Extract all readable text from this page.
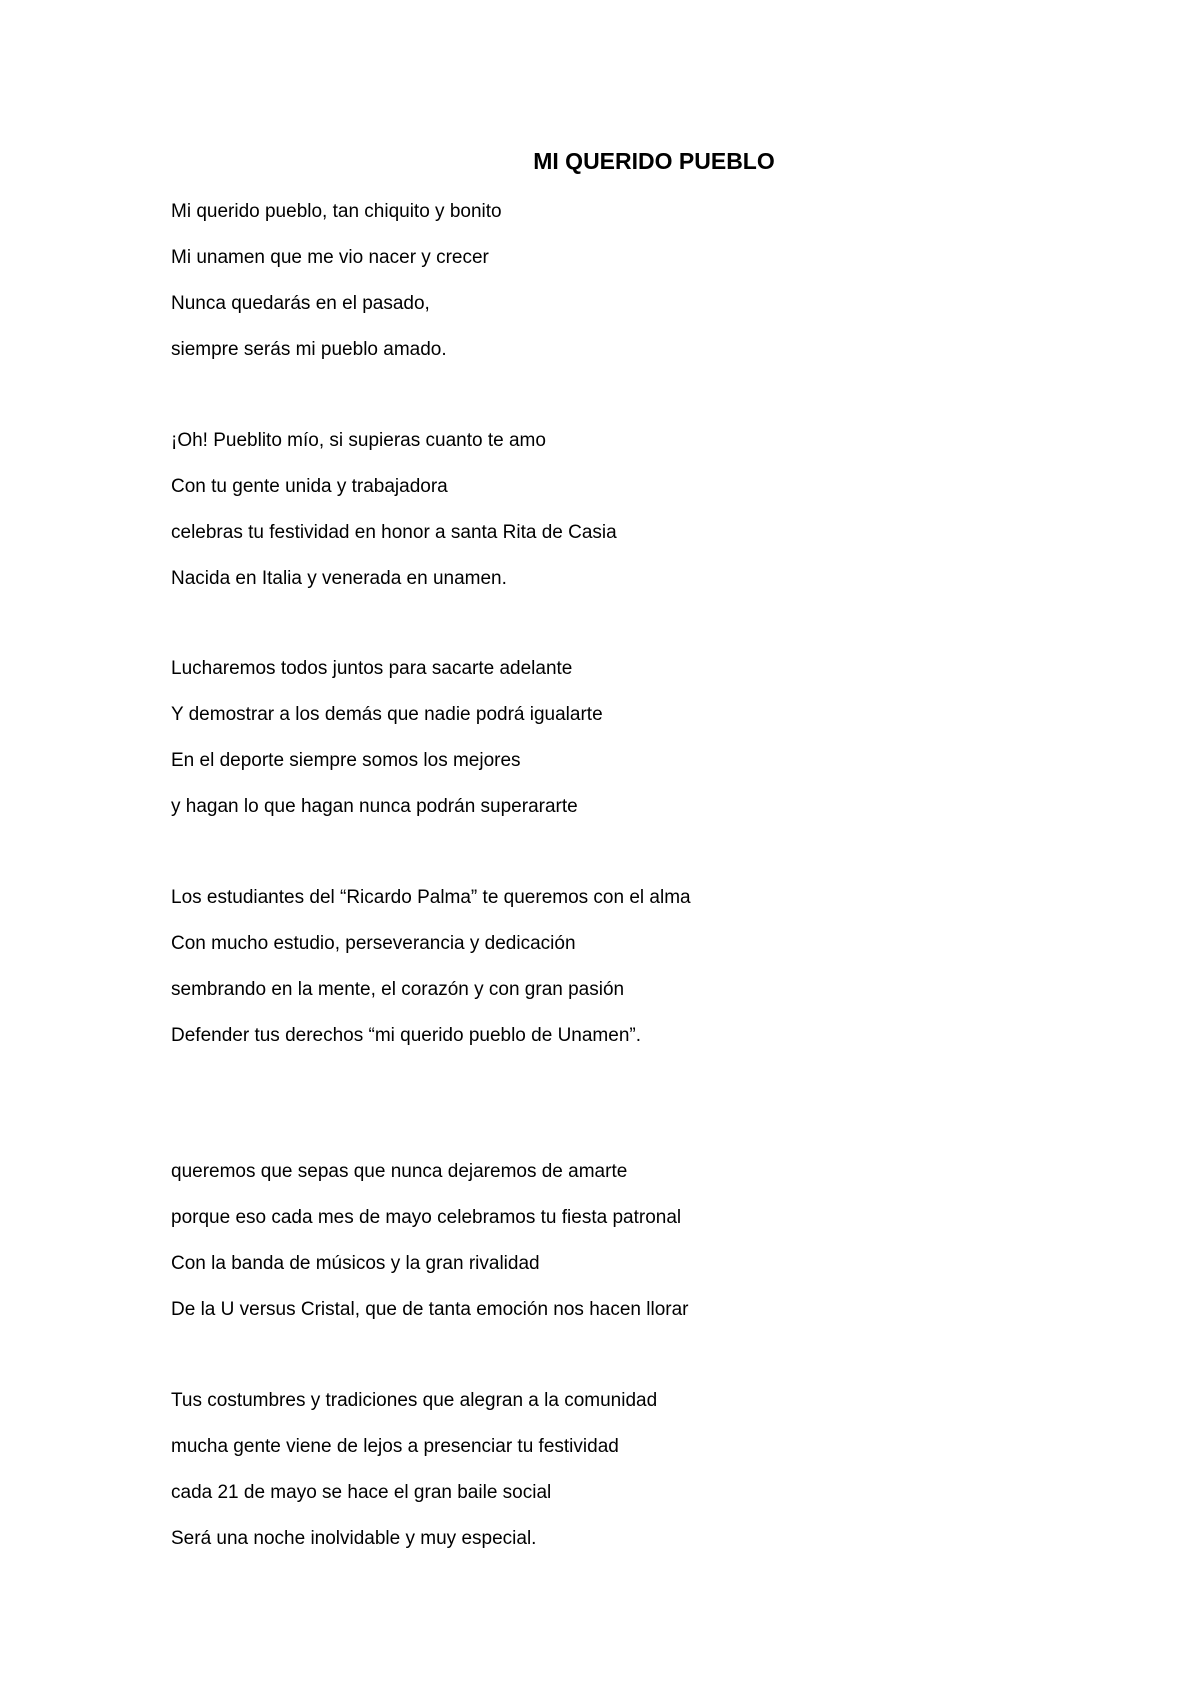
MI QUERIDO PUEBLO
Mi querido pueblo, tan chiquito y bonito
Mi unamen que me vio nacer y crecer
Nunca quedarás en el pasado,
siempre serás mi pueblo amado.
¡Oh! Pueblito mío, si supieras cuanto te amo
Con tu gente unida y trabajadora
celebras tu festividad en honor a santa Rita de Casia
Nacida en Italia y venerada en unamen.
Lucharemos todos juntos para sacarte adelante
Y demostrar a los demás que nadie podrá igualarte
En el deporte siempre somos los mejores
y hagan lo que hagan nunca podrán superararte
Los estudiantes del “Ricardo Palma” te queremos con el alma
Con mucho estudio, perseverancia y dedicación
sembrando en la mente, el corazón y con gran pasión
Defender tus derechos “mi querido pueblo de Unamen”.
queremos que sepas que nunca dejaremos de amarte
porque eso cada mes de mayo celebramos tu fiesta patronal
Con la banda de músicos y la gran rivalidad
De la U versus Cristal, que de tanta emoción nos hacen llorar
Tus costumbres y tradiciones que alegran a la comunidad
mucha gente viene de lejos a presenciar tu festividad
cada 21 de mayo se hace el gran baile social
Será una noche inolvidable y muy especial.
